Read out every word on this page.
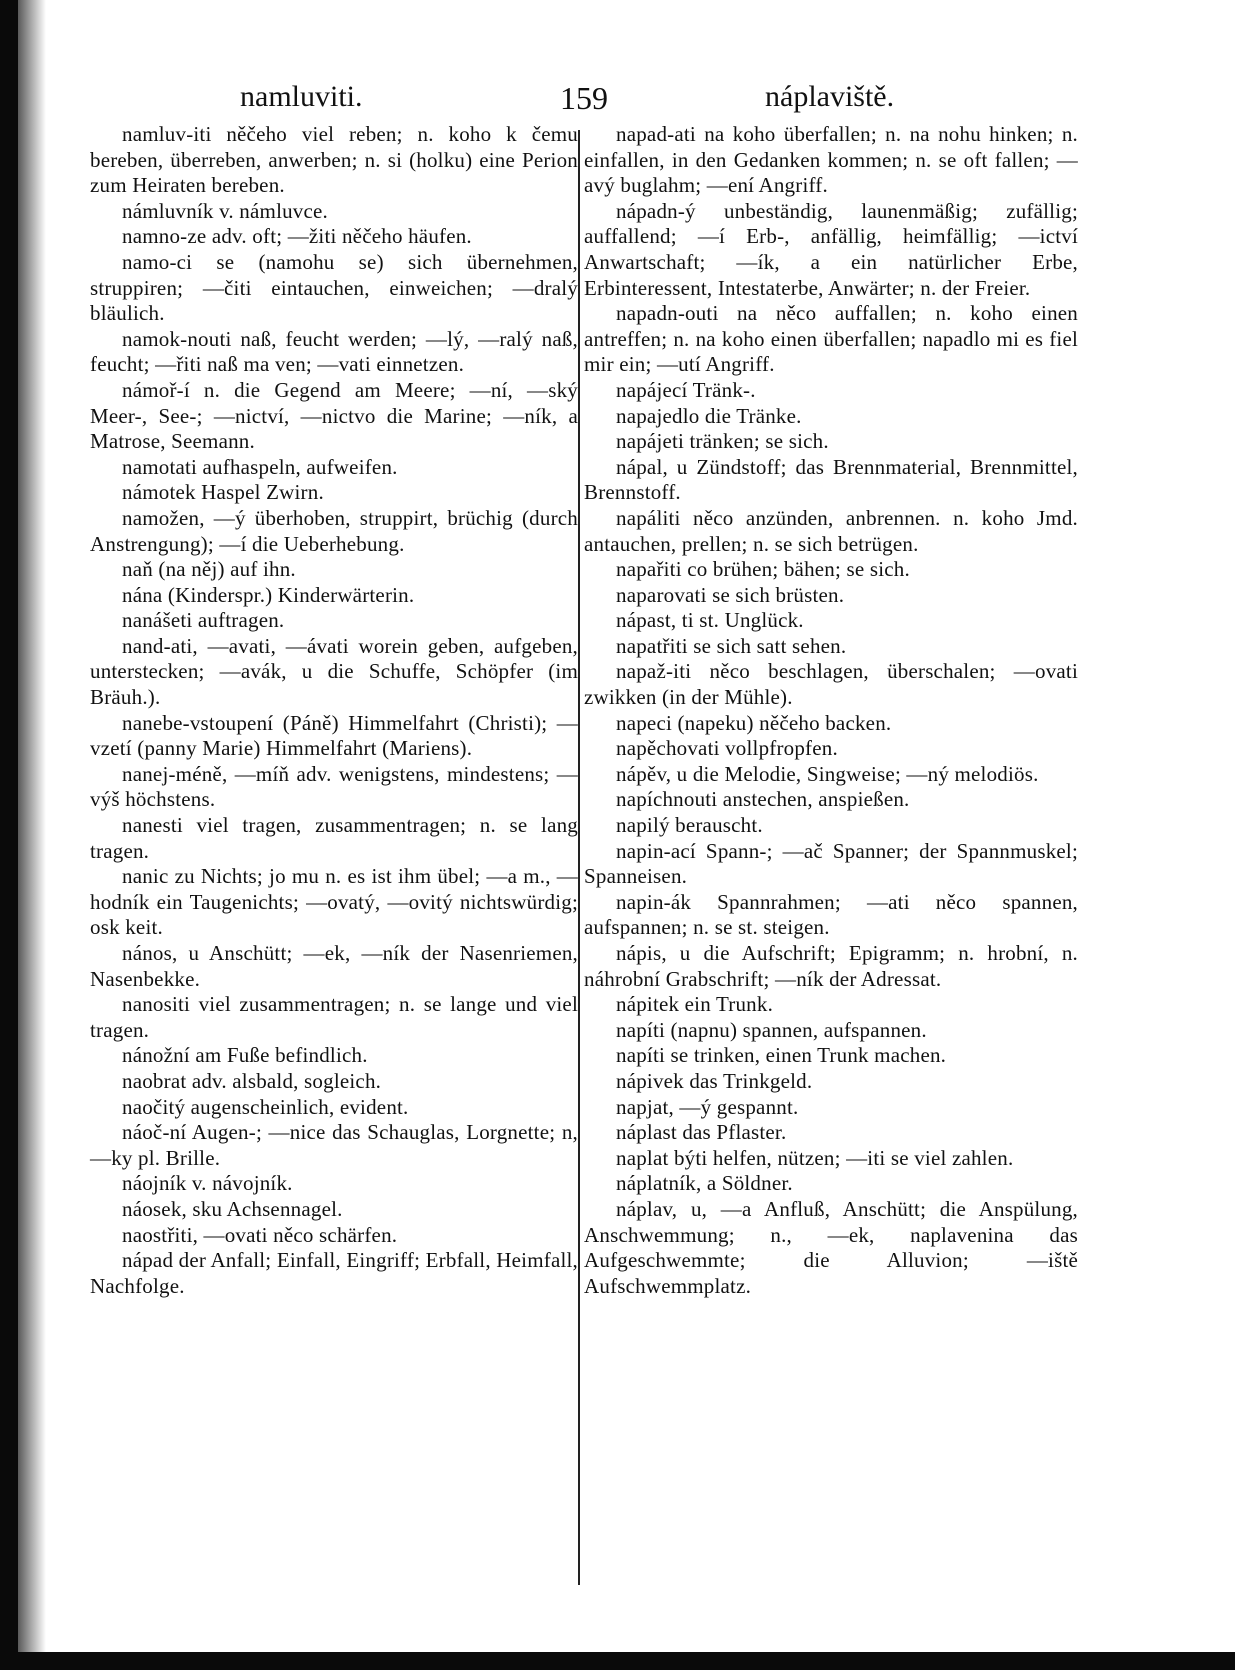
namluviti.	159	náplaviště.

namluv-iti něčeho viel reben; n. koho k čemu bereben, überreben, anwerben; n. si (holku) eine Perion zum Heiraten bereben.

námluvník v. námluvce.

namno-ze adv. oft; —žiti něčeho häufen.

namo-ci se (namohu se) sich übernehmen, struppiren; —čiti eintauchen, einweichen; —dralý bläulich.

namok-nouti naß, feucht werden; —lý, —ralý naß, feucht; —řiti naß ma ven; —vati einnetzen.

námoř-í n. die Gegend am Meere; —ní, —ský Meer-, See-; —nictví, —nictvo die Marine; —ník, a Matrose, Seemann.

namotati aufhaspeln, aufweifen.

námotek Haspel Zwirn.

namožen, —ý überhoben, struppirt, brüchig (durch Anstrengung); —í die Ueberhebung.

naň (na něj) auf ihn.

nána (Kinderspr.) Kinderwärterin.

nanášeti auftragen.

nand-ati, —avati, —ávati worein geben, aufgeben, unterstecken; —avák, u die Schuffe, Schöpfer (im Bräuh.).

nanebe-vstoupení (Páně) Himmelfahrt (Christi); —vzetí (panny Marie) Himmelfahrt (Mariens).

nanej-méně, —míň adv. wenigstens, mindestens; —výš höchstens.

nanesti viel tragen, zusammentragen; n. se lang tragen.

nanic zu Nichts; jo mu n. es ist ihm übel; —a m., —hodník ein Taugenichts; —ovatý, —ovitý nichtswürdig; osk keit.

nános, u Anschütt; —ek, —ník der Nasenriemen, Nasenbekke.

nanositi viel zusammentragen; n. se lange und viel tragen.

nánožní am Fuße befindlich.

naobrat adv. alsbald, sogleich.

naočitý augenscheinlich, evident.

náoč-ní Augen-; —nice das Schauglas, Lorgnette; n, —ky pl. Brille.

náojník v. návojník.

náosek, sku Achsennagel.

naostřiti, —ovati něco schärfen.

nápad der Anfall; Einfall, Eingriff; Erbfall, Heimfall, Nachfolge.

napad-ati na koho überfallen; n. na nohu hinken; n. einfallen, in den Gedanken kommen; n. se oft fallen; —avý buglahm; —ení Angriff.

nápadn-ý unbeständig, launenmäßig; zufällig; auffallend; —í Erb-, anfällig, heimfällig; —ictví Anwartschaft; —ík, a ein natürlicher Erbe, Erbinteressent, Intestaterbe, Anwärter; n. der Freier.

napadn-outi na něco auffallen; n. koho einen antreffen; n. na koho einen überfallen; napadlo mi es fiel mir ein; —utí Angriff.

napájecí Tränk-.

napajedlo die Tränke.

napájeti tränken; se sich.

nápal, u Zündstoff; das Brennmaterial, Brennmittel, Brennstoff.

napáliti něco anzünden, anbrennen. n. koho Jmd. antauchen, prellen; n. se sich betrügen.

napařiti co brühen; bähen; se sich.

naparovati se sich brüsten.

nápast, ti st. Unglück.

napatřiti se sich satt sehen.

napaž-iti něco beschlagen, überschalen; —ovati zwikken (in der Mühle).

napeci (napeku) něčeho backen.

napěchovati vollpfropfen.

nápěv, u die Melodie, Singweise; —ný melodiös.

napíchnouti anstechen, anspießen.

napilý berauscht.

napin-ací Spann-; —ač Spanner; der Spannmuskel; Spanneisen.

napin-ák Spannrahmen; —ati něco spannen, aufspannen; n. se st. steigen.

nápis, u die Aufschrift; Epigramm; n. hrobní, n. náhrobní Grabschrift; —ník der Adressat.

nápitek ein Trunk.

napíti (napnu) spannen, aufspannen.

napíti se trinken, einen Trunk machen.

nápivek das Trinkgeld.

napjat, —ý gespannt.

náplast das Pflaster.

naplat býti helfen, nützen; —iti se viel zahlen.

náplatník, a Söldner.

náplav, u, —a Anfluß, Anschütt; die Anspülung, Anschwemmung; n., —ek, naplavenina das Aufgeschwemmte; die Alluvion; —iště Aufschwemmplatz.
